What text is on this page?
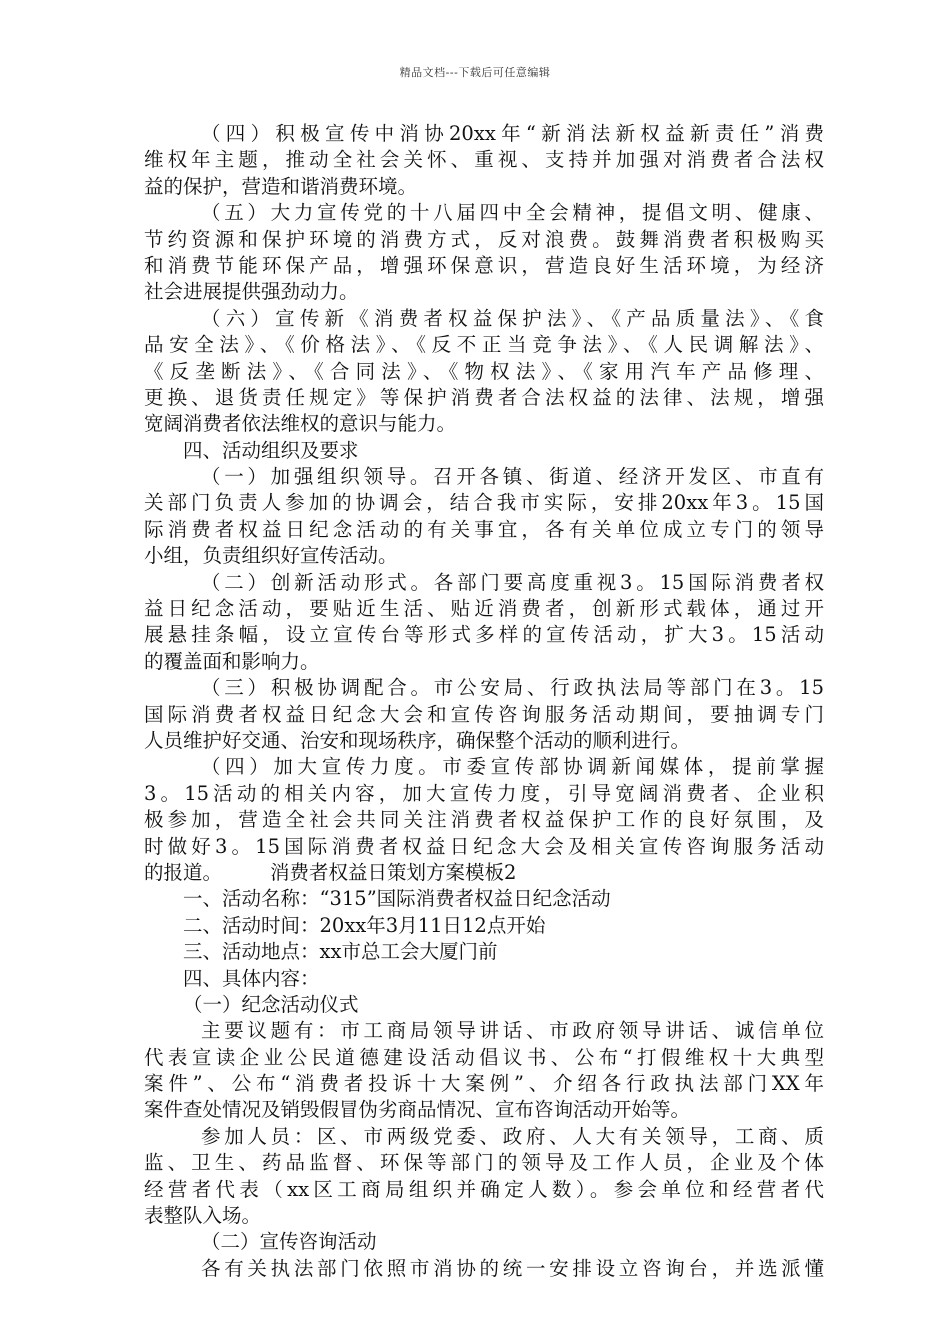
精品文档---下载后可任意编辑
（四）积极宣传中消协20xx年“新消法新权益新责任”消费
维权年主题，推动全社会关怀、重视、支持并加强对消费者合法权
益的保护，营造和谐消费环境。
（五）大力宣传党的十八届四中全会精神，提倡文明、健康、
节约资源和保护环境的消费方式，反对浪费。鼓舞消费者积极购买
和消费节能环保产品，增强环保意识，营造良好生活环境，为经济
社会进展提供强劲动力。
（六）宣传新《消费者权益保护法》、《产品质量法》、《食
品安全法》、《价格法》、《反不正当竞争法》、《人民调解法》、
《反垄断法》、《合同法》、《物权法》、《家用汽车产品修理、
更换、退货责任规定》等保护消费者合法权益的法律、法规，增强
宽阔消费者依法维权的意识与能力。
四、活动组织及要求
（一）加强组织领导。召开各镇、街道、经济开发区、市直有
关部门负责人参加的协调会，结合我市实际，安排20xx年3。15国
际消费者权益日纪念活动的有关事宜，各有关单位成立专门的领导
小组，负责组织好宣传活动。
（二）创新活动形式。各部门要高度重视3。15国际消费者权
益日纪念活动，要贴近生活、贴近消费者，创新形式载体，通过开
展悬挂条幅，设立宣传台等形式多样的宣传活动，扩大3。15活动
的覆盖面和影响力。
（三）积极协调配合。市公安局、行政执法局等部门在3。15
国际消费者权益日纪念大会和宣传咨询服务活动期间，要抽调专门
人员维护好交通、治安和现场秩序，确保整个活动的顺利进行。
（四）加大宣传力度。市委宣传部协调新闻媒体，提前掌握
3。15活动的相关内容，加大宣传力度，引导宽阔消费者、企业积
极参加，营造全社会共同关注消费者权益保护工作的良好氛围，及
时做好3。15国际消费者权益日纪念大会及相关宣传咨询服务活动
的报道。 消费者权益日策划方案模板2
一、活动名称：“315”国际消费者权益日纪念活动
二、活动时间：20xx年3月11日12点开始
三、活动地点：xx市总工会大厦门前
四、具体内容：
（一）纪念活动仪式
主要议题有：市工商局领导讲话、市政府领导讲话、诚信单位
代表宣读企业公民道德建设活动倡议书、公布“打假维权十大典型
案件”、公布“消费者投诉十大案例”、介绍各行政执法部门XX年
案件查处情况及销毁假冒伪劣商品情况、宣布咨询活动开始等。
参加人员：区、市两级党委、政府、人大有关领导，工商、质
监、卫生、药品监督、环保等部门的领导及工作人员，企业及个体
经营者代表（xx区工商局组织并确定人数）。参会单位和经营者代
表整队入场。
（二）宣传咨询活动
各有关执法部门依照市消协的统一安排设立咨询台，并选派懂
